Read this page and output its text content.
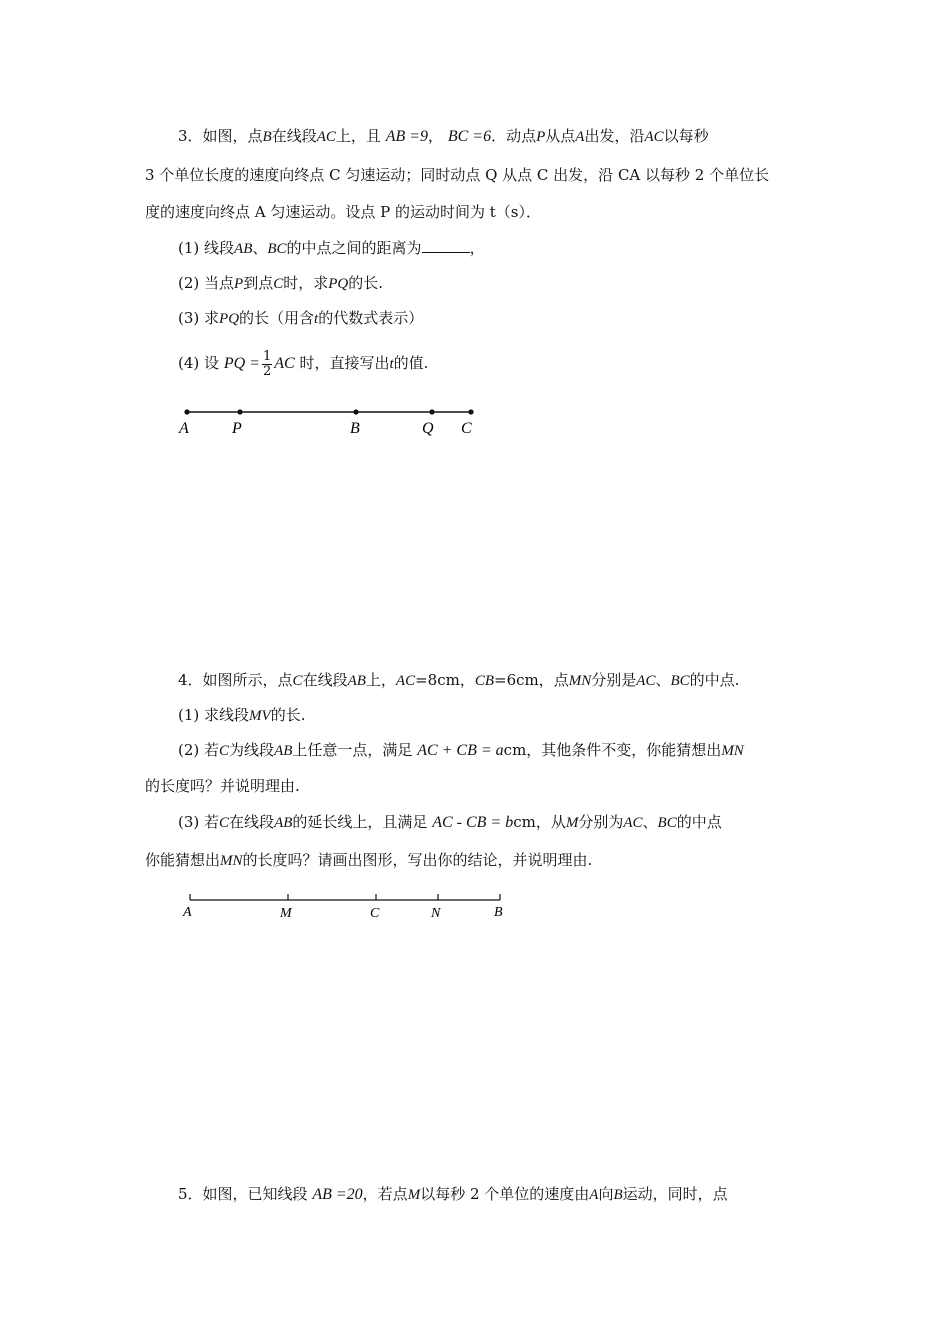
3．如图，点B在线段AC上，且 AB =9， BC =6．动点P从点A出发，沿AC以每秒
3 个单位长度的速度向终点 C 匀速运动；同时动点 Q 从点 C 出发，沿 CA 以每秒 2 个单位长
度的速度向终点 A 匀速运动。设点 P 的运动时间为 t（s）．
(1) 线段AB、BC的中点之间的距离为	，
(2) 当点P到点C时，求PQ的长.
(3) 求PQ的长（用含t的代数式表示）
(4) 设 PQ = $\frac{1}{2}$ AC 时，直接写出t的值.
A	P	B	Q C
4．如图所示，点C在线段AB上，AC=8cm，CB=6cm，点MN分别是AC、BC的中点.
(1) 求线段MV的长.
(2) 若C为线段AB上任意一点，满足 AC + CB = acm，其他条件不变，你能猜想出MN
的长度吗？并说明理由.
(3) 若C在线段AB的延长线上，且满足 AC - CB = bcm，从M分别为AC、BC的中点
你能猜想出MN的长度吗？请画出图形，写出你的结论，并说明理由.
A	M	C	N	B
5．如图，已知线段 AB =20，若点M以每秒 2 个单位的速度由A向B运动，同时，点
